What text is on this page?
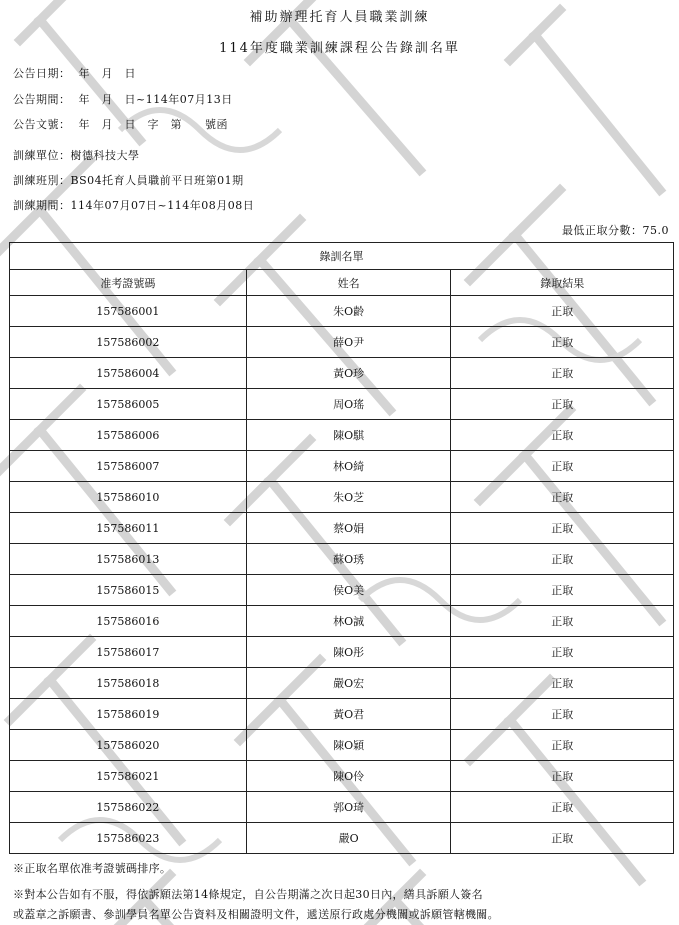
補助辦理托育人員職業訓練
114年度職業訓練課程公告錄訓名單
公告日期： 年　月　日
公告期間： 年　月　日~114年07月13日
公告文號： 年　月　日　字　第　　號函
訓練單位：樹德科技大學
訓練班別：BS04托育人員職前平日班第01期
訓練期間：114年07月07日~114年08月08日
最低正取分數：75.0
錄訓名單		
准考證號碼	姓名	錄取結果
157586001	朱O齡	正取
157586002	薛O尹	正取
157586004	黃O珍	正取
157586005	周O瑤	正取
157586006	陳O騏	正取
157586007	林O綺	正取
157586010	朱O芝	正取
157586011	蔡O娟	正取
157586013	蘇O琇	正取
157586015	侯O美	正取
157586016	林O誠	正取
157586017	陳O彤	正取
157586018	嚴O宏	正取
157586019	黃O君	正取
157586020	陳O穎	正取
157586021	陳O伶	正取
157586022	郭O琦	正取
157586023	嚴O	正取
※正取名單依准考證號碼排序。
※對本公告如有不服，得依訴願法第14條規定，自公告期滿之次日起30日內，繕具訴願人簽名
或蓋章之訴願書、參訓學員名單公告資料及相關證明文件，遞送原行政處分機關或訴願管轄機關。
